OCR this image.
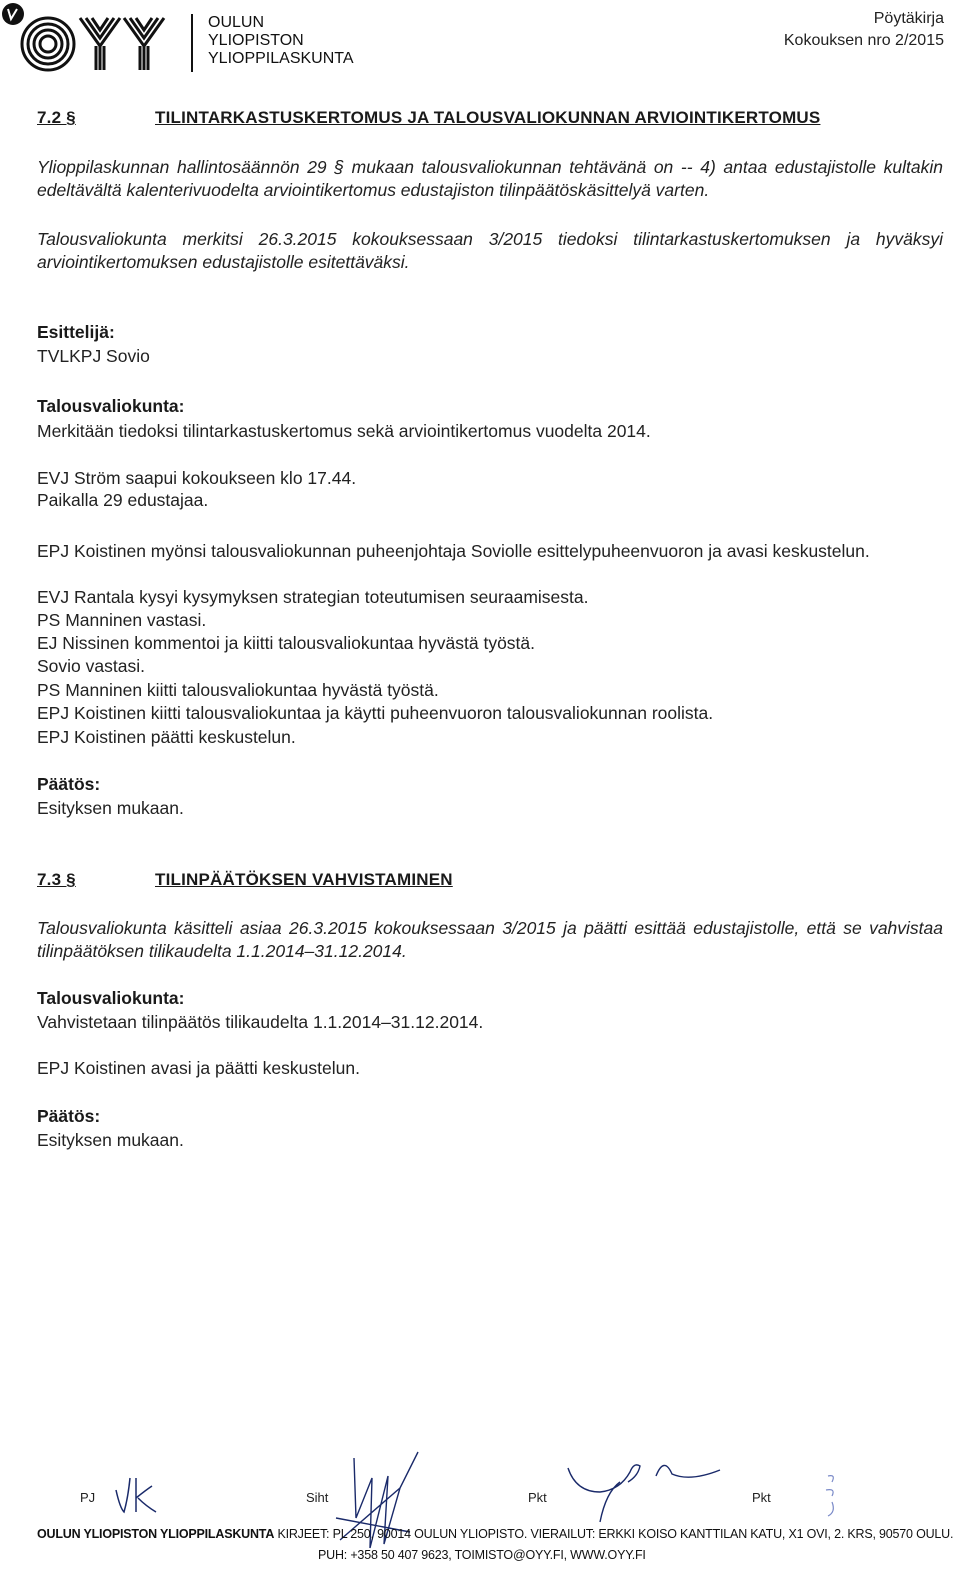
OULUN
YLIOPISTON
YLIOPPILASKUNTA
Pöytäkirja
Kokouksen nro 2/2015
7.2 §	TILINTARKASTUSKERTOMUS JA TALOUSVALIOKUNNAN ARVIOINTIKERTOMUS
Ylioppilaskunnan hallintosäännön 29 § mukaan talousvaliokunnan tehtävänä on -- 4) antaa edustajistolle kultakin edeltävältä kalenterivuodelta arviointikertomus edustajiston tilinpäätöskäsittelyä varten.
Talousvaliokunta merkitsi 26.3.2015 kokouksessaan 3/2015 tiedoksi tilintarkastuskertomuksen ja hyväksyi arviointikertomuksen edustajistolle esitettäväksi.
Esittelijä:
TVLKPJ Sovio
Talousvaliokunta:
Merkitään tiedoksi tilintarkastuskertomus sekä arviointikertomus vuodelta 2014.
EVJ Ström saapui kokoukseen klo 17.44.
Paikalla 29 edustajaa.
EPJ Koistinen myönsi talousvaliokunnan puheenjohtaja Soviolle esittelypuheenvuoron ja avasi keskustelun.
EVJ Rantala kysyi kysymyksen strategian toteutumisen seuraamisesta.
PS Manninen vastasi.
EJ Nissinen kommentoi ja kiitti talousvaliokuntaa hyvästä työstä.
Sovio vastasi.
PS Manninen kiitti talousvaliokuntaa hyvästä työstä.
EPJ Koistinen kiitti talousvaliokuntaa ja käytti puheenvuoron talousvaliokunnan roolista.
EPJ Koistinen päätti keskustelun.
Päätös:
Esityksen mukaan.
7.3 §	TILINPÄÄTÖKSEN VAHVISTAMINEN
Talousvaliokunta käsitteli asiaa 26.3.2015 kokouksessaan 3/2015 ja päätti esittää edustajistolle, että se vahvistaa tilinpäätöksen tilikaudelta 1.1.2014–31.12.2014.
Talousvaliokunta:
Vahvistetaan tilinpäätös tilikaudelta 1.1.2014–31.12.2014.
EPJ Koistinen avasi ja päätti keskustelun.
Päätös:
Esityksen mukaan.
PJ	Siht	Pkt	Pkt
OULUN YLIOPISTON YLIOPPILASKUNTA KIRJEET: PL 250, 90014 OULUN YLIOPISTO. VIERAILUT: ERKKI KOISO KANTTILAN KATU, X1 OVI, 2. KRS, 90570 OULU.
PUH: +358 50 407 9623, TOIMISTO@OYY.FI, WWW.OYY.FI
